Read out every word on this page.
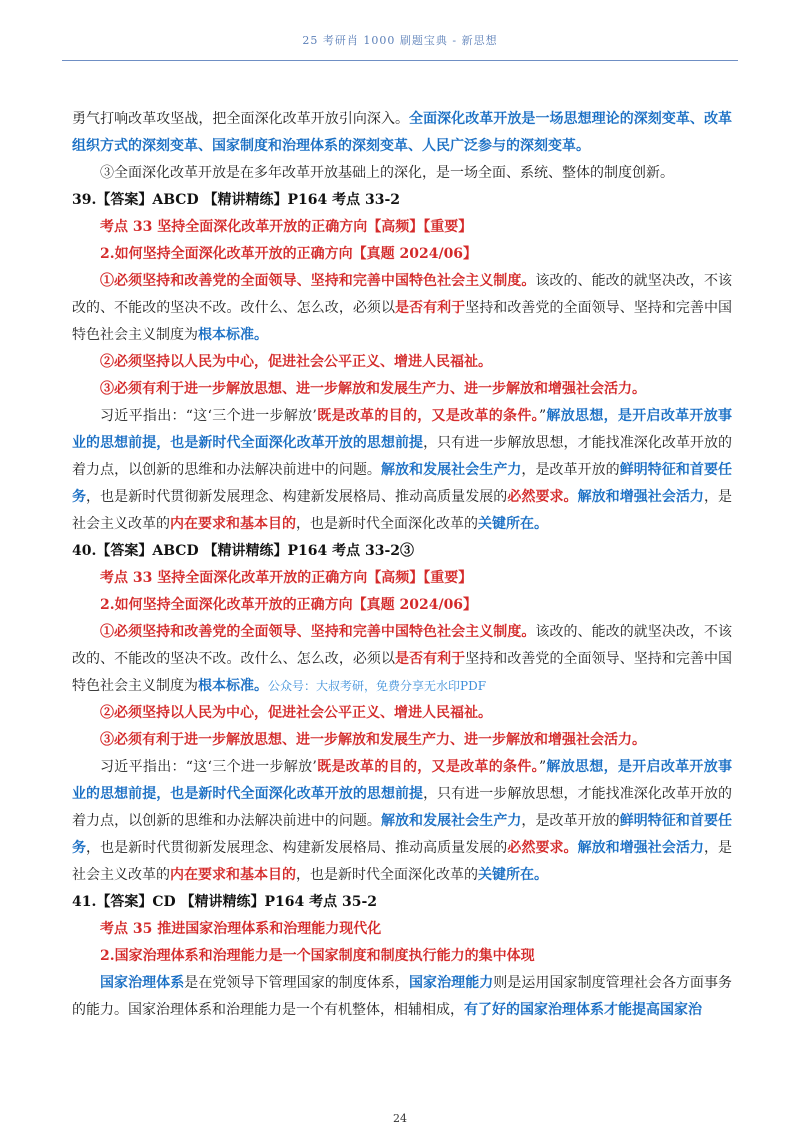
25 考研肖 1000 刷题宝典 - 新思想

勇气打响改革攻坚战，把全面深化改革开放引向深入。全面深化改革开放是一场思想理论的深刻变革、改革组织方式的深刻变革、国家制度和治理体系的深刻变革、人民广泛参与的深刻变革。

③全面深化改革开放是在多年改革开放基础上的深化，是一场全面、系统、整体的制度创新。

39.【答案】ABCD 【精讲精练】P164 考点 33-2

考点 33 坚持全面深化改革开放的正确方向【高频】【重要】

2.如何坚持全面深化改革开放的正确方向【真题 2024/06】

①必须坚持和改善党的全面领导、坚持和完善中国特色社会主义制度。该改的、能改的就坚决改，不该改的、不能改的坚决不改。改什么、怎么改，必须以是否有利于坚持和改善党的全面领导、坚持和完善中国特色社会主义制度为根本标准。

②必须坚持以人民为中心，促进社会公平正义、增进人民福祉。

③必须有利于进一步解放思想、进一步解放和发展生产力、进一步解放和增强社会活力。

习近平指出：“这‘三个进一步解放’既是改革的目的，又是改革的条件。”解放思想，是开启改革开放事业的思想前提，也是新时代全面深化改革开放的思想前提，只有进一步解放思想，才能找准深化改革开放的着力点，以创新的思维和办法解决前进中的问题。解放和发展社会生产力，是改革开放的鲜明特征和首要任务，也是新时代贯彻新发展理念、构建新发展格局、推动高质量发展的必然要求。解放和增强社会活力，是社会主义改革的内在要求和基本目的，也是新时代全面深化改革的关键所在。

40.【答案】ABCD 【精讲精练】P164 考点 33-2③

考点 33 坚持全面深化改革开放的正确方向【高频】【重要】

2.如何坚持全面深化改革开放的正确方向【真题 2024/06】

①必须坚持和改善党的全面领导、坚持和完善中国特色社会主义制度。该改的、能改的就坚决改，不该改的、不能改的坚决不改。改什么、怎么改，必须以是否有利于坚持和改善党的全面领导、坚持和完善中国特色社会主义制度为根本标准。公众号：大叔考研，免费分享无水印PDF

②必须坚持以人民为中心，促进社会公平正义、增进人民福祉。

③必须有利于进一步解放思想、进一步解放和发展生产力、进一步解放和增强社会活力。

习近平指出：“这‘三个进一步解放’既是改革的目的，又是改革的条件。”解放思想，是开启改革开放事业的思想前提，也是新时代全面深化改革开放的思想前提，只有进一步解放思想，才能找准深化改革开放的着力点，以创新的思维和办法解决前进中的问题。解放和发展社会生产力，是改革开放的鲜明特征和首要任务，也是新时代贯彻新发展理念、构建新发展格局、推动高质量发展的必然要求。解放和增强社会活力，是社会主义改革的内在要求和基本目的，也是新时代全面深化改革的关键所在。

41.【答案】CD 【精讲精练】P164 考点 35-2

考点 35 推进国家治理体系和治理能力现代化

2.国家治理体系和治理能力是一个国家制度和制度执行能力的集中体现

国家治理体系是在党领导下管理国家的制度体系，国家治理能力则是运用国家制度管理社会各方面事务的能力。国家治理体系和治理能力是一个有机整体，相辅相成，有了好的国家治理体系才能提高国家治

24
